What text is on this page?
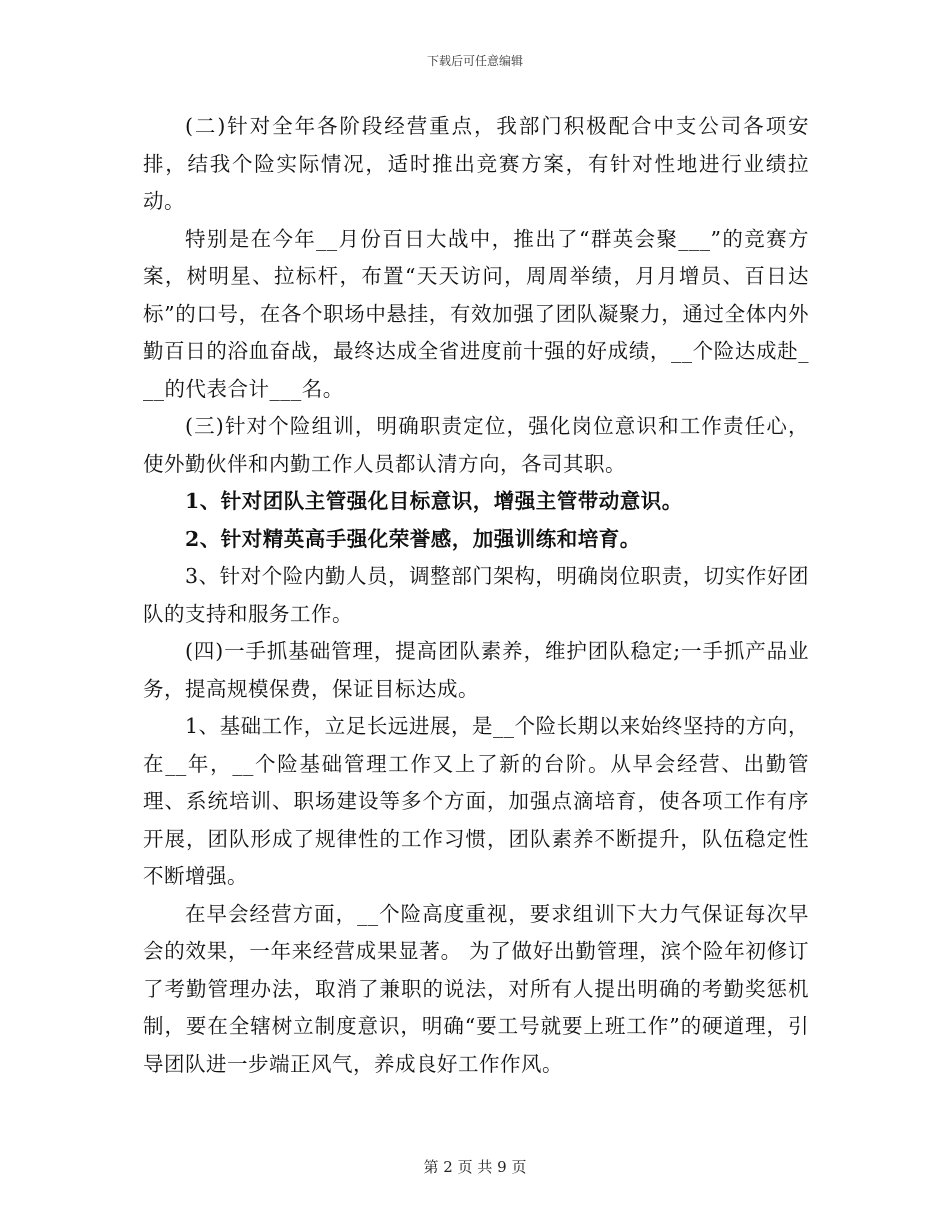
下载后可任意编辑

(二)针对全年各阶段经营重点，我部门积极配合中支公司各项安排，结我个险实际情况，适时推出竞赛方案，有针对性地进行业绩拉动。

特别是在今年__月份百日大战中，推出了“群英会聚___”的竞赛方案，树明星、拉标杆，布置“天天访问，周周举绩，月月增员、百日达标”的口号，在各个职场中悬挂，有效加强了团队凝聚力，通过全体内外勤百日的浴血奋战，最终达成全省进度前十强的好成绩，__个险达成赴___的代表合计___名。

(三)针对个险组训，明确职责定位，强化岗位意识和工作责任心，使外勤伙伴和内勤工作人员都认清方向，各司其职。

1、针对团队主管强化目标意识，增强主管带动意识。

2、针对精英高手强化荣誉感，加强训练和培育。

3、针对个险内勤人员，调整部门架构，明确岗位职责，切实作好团队的支持和服务工作。

(四)一手抓基础管理，提高团队素养，维护团队稳定;一手抓产品业务，提高规模保费，保证目标达成。

1、基础工作，立足长远进展，是__个险长期以来始终坚持的方向，在__年，__个险基础管理工作又上了新的台阶。从早会经营、出勤管理、系统培训、职场建设等多个方面，加强点滴培育，使各项工作有序开展，团队形成了规律性的工作习惯，团队素养不断提升，队伍稳定性不断增强。

在早会经营方面，__个险高度重视，要求组训下大力气保证每次早会的效果，一年来经营成果显著。 为了做好出勤管理，滨个险年初修订了考勤管理办法，取消了兼职的说法，对所有人提出明确的考勤奖惩机制，要在全辖树立制度意识，明确“要工号就要上班工作”的硬道理，引导团队进一步端正风气，养成良好工作作风。

第 2 页 共 9 页
